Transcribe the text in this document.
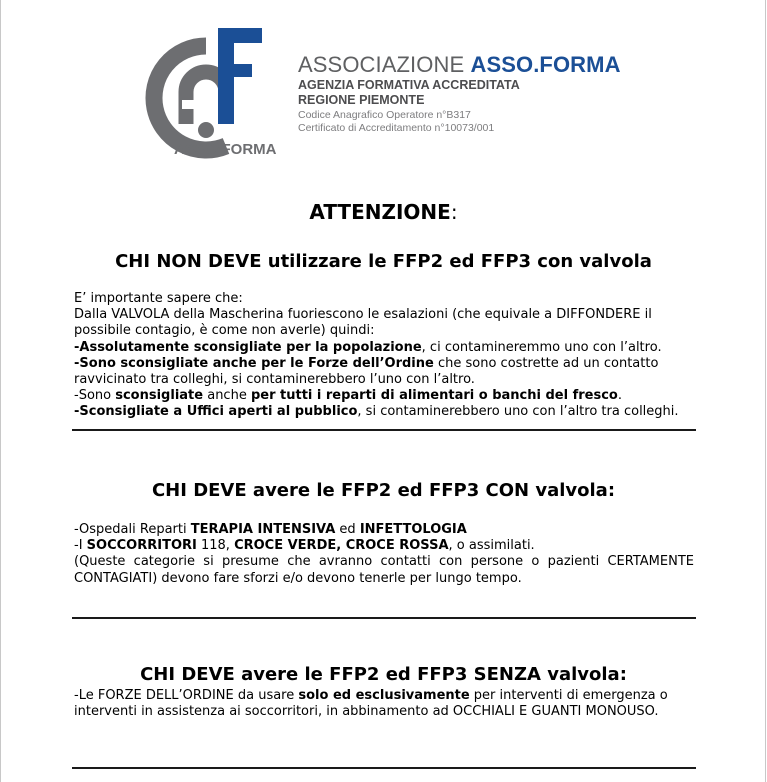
ASSO·FORMA
ASSOCIAZIONE ASSO.FORMA
AGENZIA FORMATIVA ACCREDITATA
REGIONE PIEMONTE
Codice Anagrafico Operatore n°B317
Certificato di Accreditamento n°10073/001
ATTENZIONE:
CHI NON DEVE utilizzare le FFP2 ed FFP3 con valvola
E’ importante sapere che:
Dalla VALVOLA della Mascherina fuoriescono le esalazioni (che equivale a DIFFONDERE il
possibile contagio, è come non averle) quindi:
-Assolutamente sconsigliate per la popolazione, ci contamineremmo uno con l’altro.
-Sono sconsigliate anche per le Forze dell’Ordine che sono costrette ad un contatto
ravvicinato tra colleghi, si contaminerebbero l’uno con l’altro.
-Sono sconsigliate anche per tutti i reparti di alimentari o banchi del fresco.
-Sconsigliate a Uffici aperti al pubblico, si contaminerebbero uno con l’altro tra colleghi.
CHI DEVE avere le FFP2 ed FFP3 CON valvola:
-Ospedali Reparti TERAPIA INTENSIVA ed INFETTOLOGIA
-I SOCCORRITORI 118, CROCE VERDE, CROCE ROSSA, o assimilati.
(Queste categorie si presume che avranno contatti con persone o pazienti CERTAMENTE
CONTAGIATI) devono fare sforzi e/o devono tenerle per lungo tempo.
CHI DEVE avere le FFP2 ed FFP3 SENZA valvola:
-Le FORZE DELL’ORDINE da usare solo ed esclusivamente per interventi di emergenza o
interventi in assistenza ai soccorritori, in abbinamento ad OCCHIALI E GUANTI MONOUSO.
